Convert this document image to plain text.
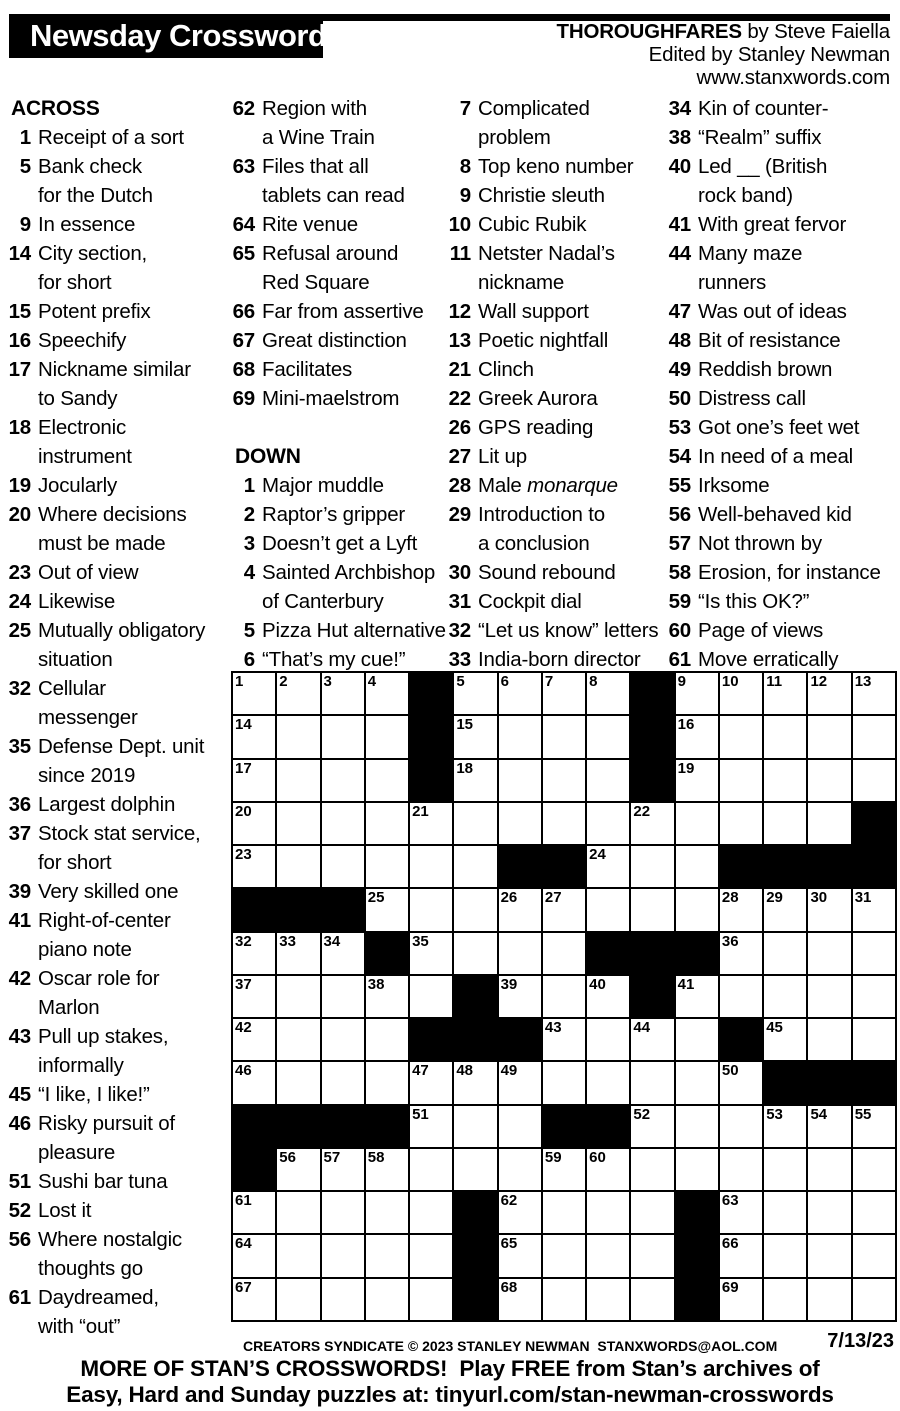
Newsday Crossword	THOROUGHFARES by Steve Faiella
Edited by Stanley Newman
www.stanxwords.com
ACROSS
1 Receipt of a sort
5 Bank check
for the Dutch
9 In essence
14 City section,
for short
15 Potent prefix
16 Speechify
17 Nickname similar
to Sandy
18 Electronic
instrument
19 Jocularly
20 Where decisions
must be made
23 Out of view
24 Likewise
25 Mutually obligatory
situation
32 Cellular
messenger
35 Defense Dept. unit
since 2019
36 Largest dolphin
37 Stock stat service,
for short
39 Very skilled one
41 Right-of-center
piano note
42 Oscar role for
Marlon
43 Pull up stakes,
informally
45 “I like, I like!”
46 Risky pursuit of
pleasure
51 Sushi bar tuna
52 Lost it
56 Where nostalgic
thoughts go
61 Daydreamed,
with “out”
62 Region with
a Wine Train
63 Files that all
tablets can read
64 Rite venue
65 Refusal around
Red Square
66 Far from assertive
67 Great distinction
68 Facilitates
69 Mini-maelstrom
DOWN
1 Major muddle
2 Raptor’s gripper
3 Doesn’t get a Lyft
4 Sainted Archbishop
of Canterbury
5 Pizza Hut alternative
6 “That’s my cue!”
7 Complicated
problem
8 Top keno number
9 Christie sleuth
10 Cubic Rubik
11 Netster Nadal’s
nickname
12 Wall support
13 Poetic nightfall
21 Clinch
22 Greek Aurora
26 GPS reading
27 Lit up
28 Male monarque
29 Introduction to
a conclusion
30 Sound rebound
31 Cockpit dial
32 “Let us know” letters
33 India-born director
34 Kin of counter-
38 “Realm” suffix
40 Led __ (British
rock band)
41 With great fervor
44 Many maze
runners
47 Was out of ideas
48 Bit of resistance
49 Reddish brown
50 Distress call
53 Got one’s feet wet
54 In need of a meal
55 Irksome
56 Well-behaved kid
57 Not thrown by
58 Erosion, for instance
59 “Is this OK?”
60 Page of views
61 Move erratically
1 2 3 4	5 6 7 8	9 10 11 12 13
14	15	16
17	18	19
20	21	22
23	24
25	26 27	28 29 30 31
32 33 34	35	36
37	38	39	40	41
42	43	44	45
46	47 48 49	50
51	52	53 54 55
56 57 58	59 60
61	62	63
64	65	66
67	68	69
CREATORS SYNDICATE © 2023 STANLEY NEWMAN  STANXWORDS@AOL.COM	7/13/23
MORE OF STAN’S CROSSWORDS!  Play FREE from Stan’s archives of
Easy, Hard and Sunday puzzles at: tinyurl.com/stan-newman-crosswords
